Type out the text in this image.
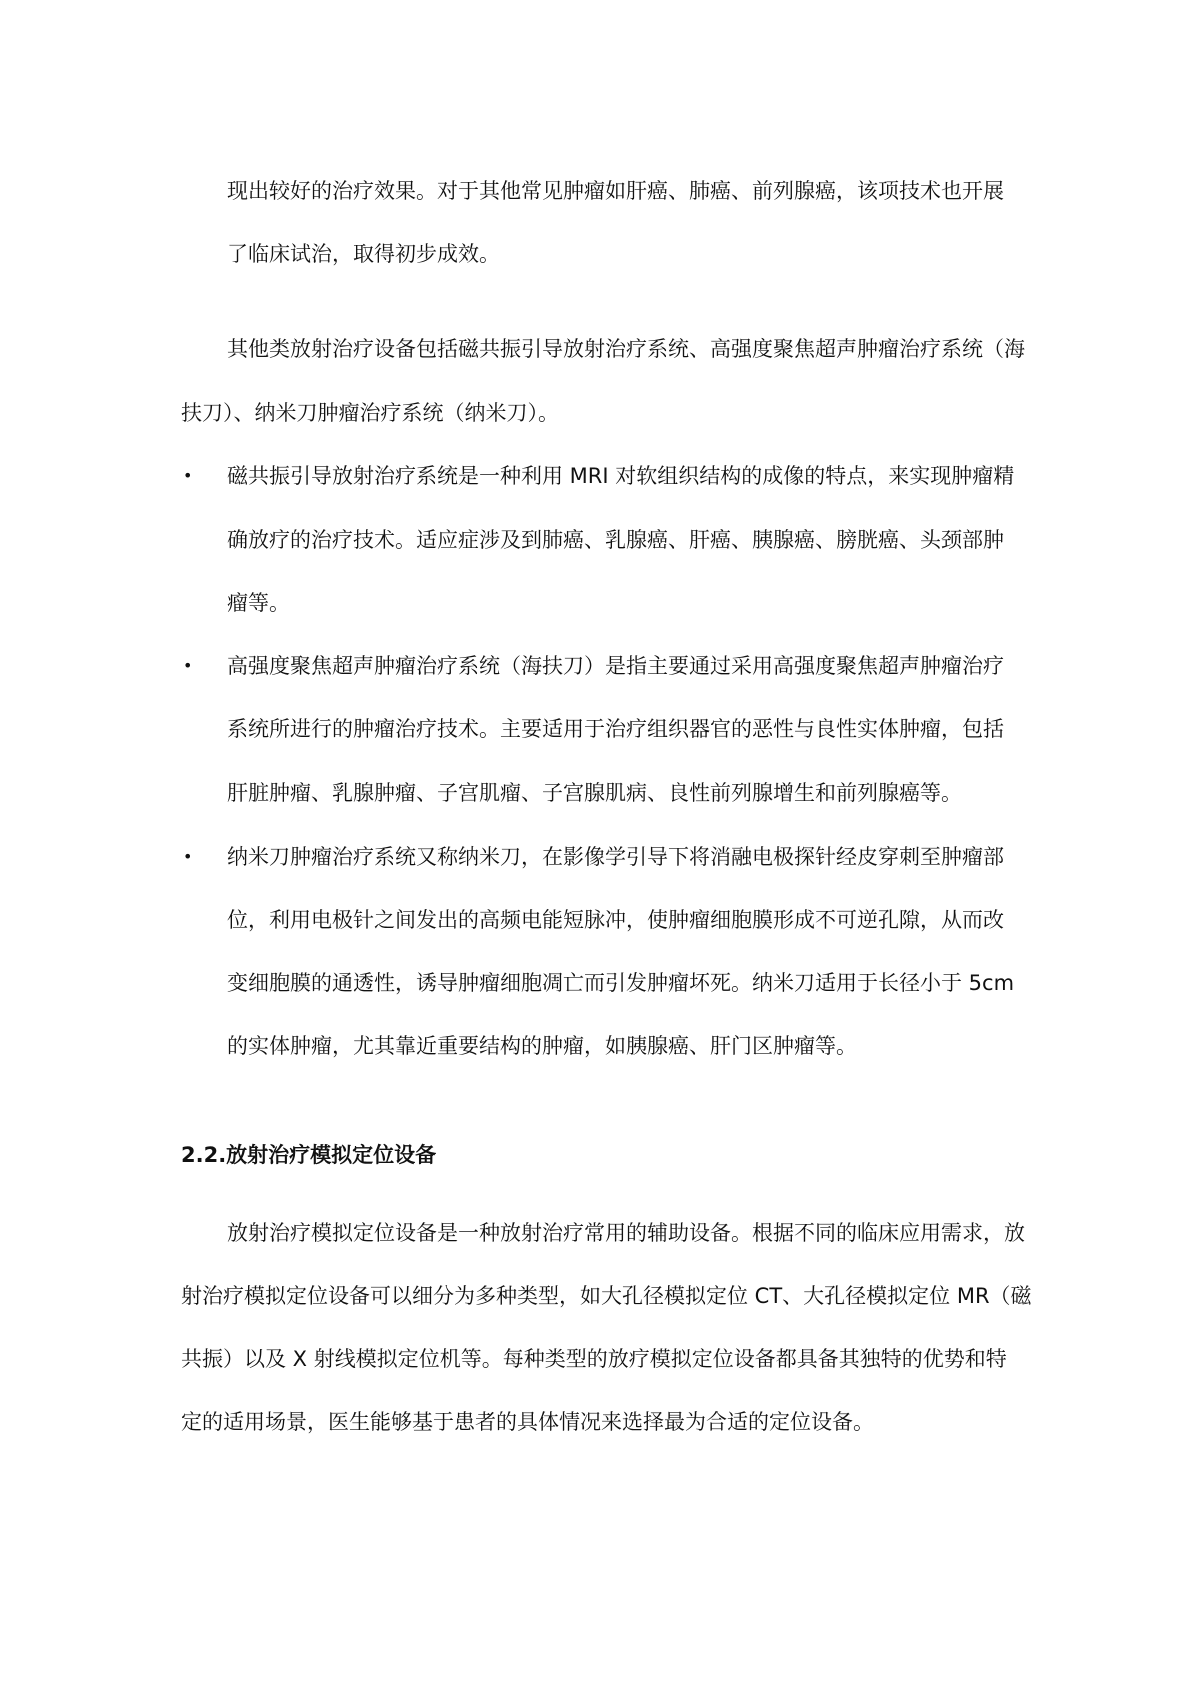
现出较好的治疗效果。对于其他常见肿瘤如肝癌、肺癌、前列腺癌，该项技术也开展
了临床试治，取得初步成效。
其他类放射治疗设备包括磁共振引导放射治疗系统、高强度聚焦超声肿瘤治疗系统（海
扶刀）、纳米刀肿瘤治疗系统（纳米刀）。
• 磁共振引导放射治疗系统是一种利用 MRI 对软组织结构的成像的特点，来实现肿瘤精
确放疗的治疗技术。适应症涉及到肺癌、乳腺癌、肝癌、胰腺癌、膀胱癌、头颈部肿
瘤等。
• 高强度聚焦超声肿瘤治疗系统（海扶刀）是指主要通过采用高强度聚焦超声肿瘤治疗
系统所进行的肿瘤治疗技术。主要适用于治疗组织器官的恶性与良性实体肿瘤，包括
肝脏肿瘤、乳腺肿瘤、子宫肌瘤、子宫腺肌病、良性前列腺增生和前列腺癌等。
• 纳米刀肿瘤治疗系统又称纳米刀，在影像学引导下将消融电极探针经皮穿刺至肿瘤部
位，利用电极针之间发出的高频电能短脉冲，使肿瘤细胞膜形成不可逆孔隙，从而改
变细胞膜的通透性，诱导肿瘤细胞凋亡而引发肿瘤坏死。纳米刀适用于长径小于 5cm
的实体肿瘤，尤其靠近重要结构的肿瘤，如胰腺癌、肝门区肿瘤等。
2.2.放射治疗模拟定位设备
放射治疗模拟定位设备是一种放射治疗常用的辅助设备。根据不同的临床应用需求，放
射治疗模拟定位设备可以细分为多种类型，如大孔径模拟定位 CT、大孔径模拟定位 MR（磁
共振）以及 X 射线模拟定位机等。每种类型的放疗模拟定位设备都具备其独特的优势和特
定的适用场景，医生能够基于患者的具体情况来选择最为合适的定位设备。
